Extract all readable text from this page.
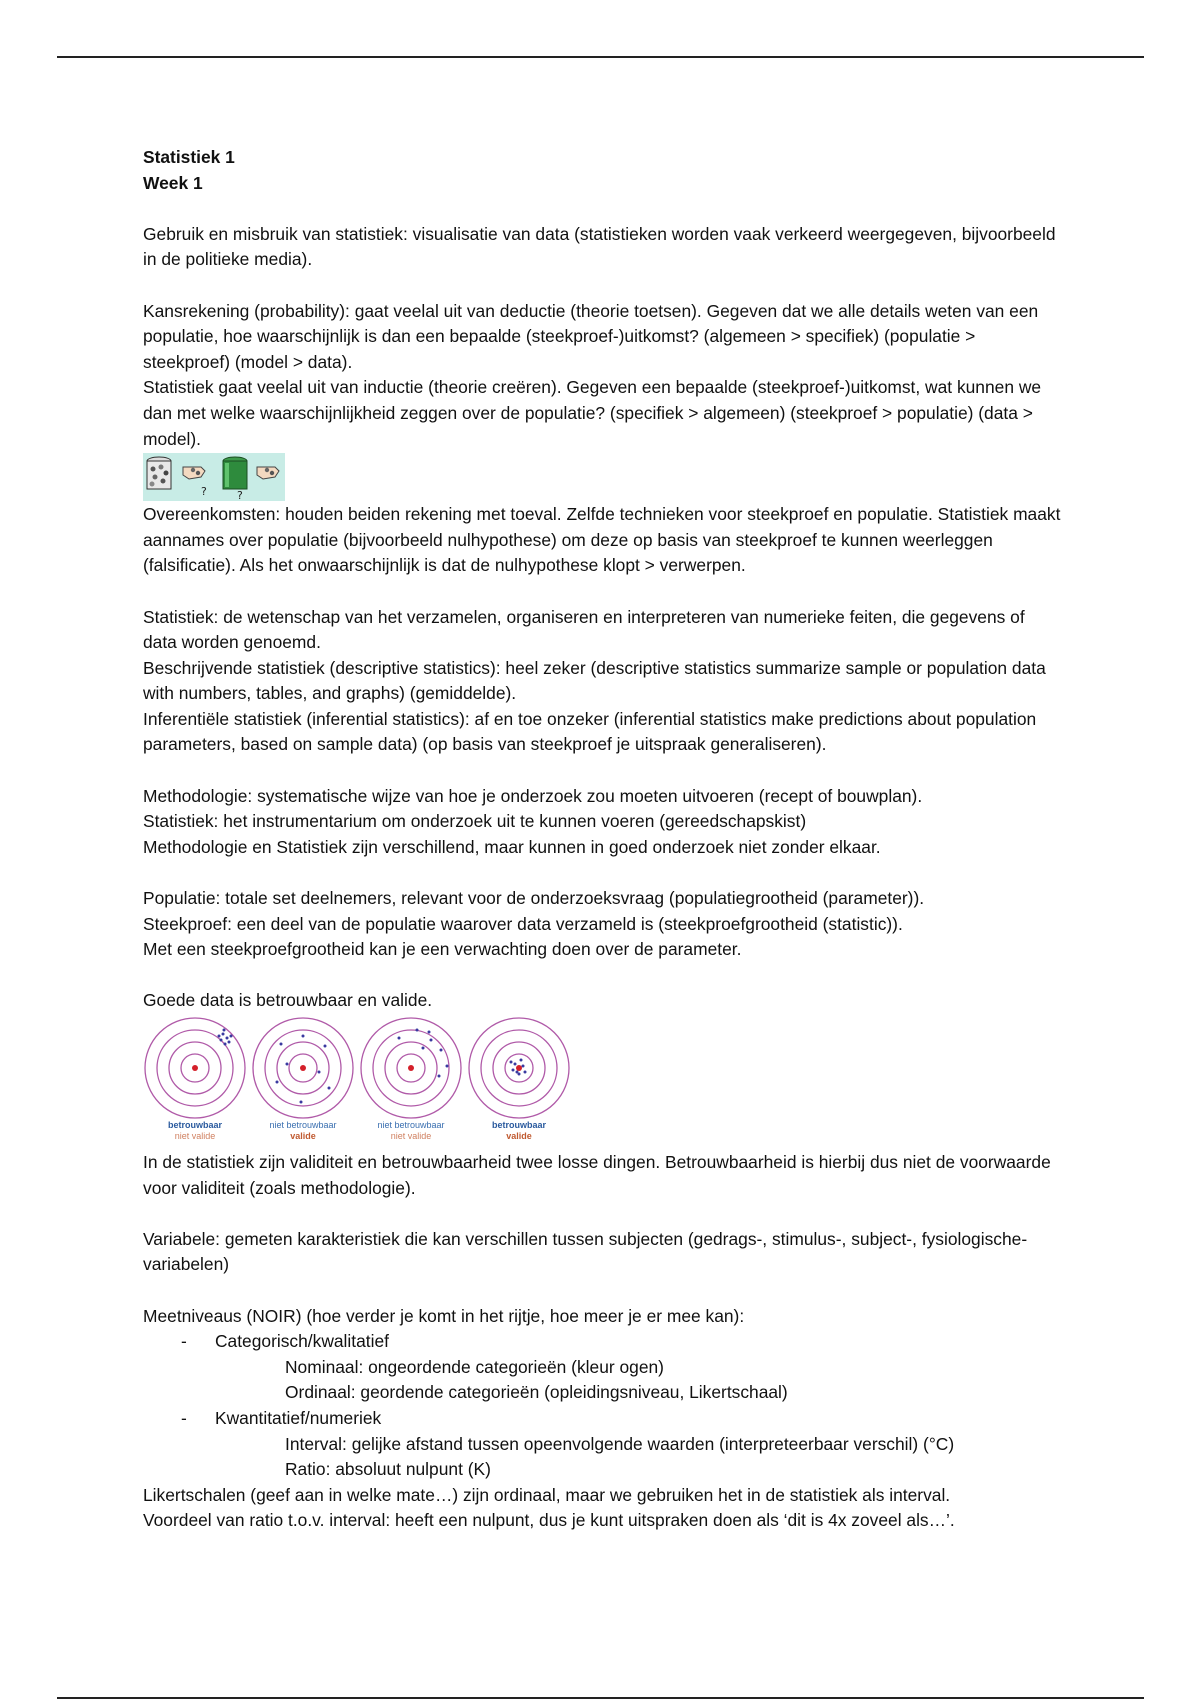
Statistiek 1

Week 1

Gebruik en misbruik van statistiek: visualisatie van data (statistieken worden vaak verkeerd weergegeven, bijvoorbeeld in de politieke media).

Kansrekening (probability): gaat veelal uit van deductie (theorie toetsen). Gegeven dat we alle details weten van een populatie, hoe waarschijnlijk is dan een bepaalde (steekproef-)uitkomst? (algemeen > specifiek) (populatie > steekproef) (model > data).

Statistiek gaat veelal uit van inductie (theorie creëren). Gegeven een bepaalde (steekproef-)uitkomst, wat kunnen we dan met welke waarschijnlijkheid zeggen over de populatie? (specifiek > algemeen) (steekproef > populatie) (data > model).

?	?

Overeenkomsten: houden beiden rekening met toeval. Zelfde technieken voor steekproef en populatie. Statistiek maakt aannames over populatie (bijvoorbeeld nulhypothese) om deze op basis van steekproef te kunnen weerleggen (falsificatie). Als het onwaarschijnlijk is dat de nulhypothese klopt > verwerpen.

Statistiek: de wetenschap van het verzamelen, organiseren en interpreteren van numerieke feiten, die gegevens of data worden genoemd.

Beschrijvende statistiek (descriptive statistics): heel zeker (descriptive statistics summarize sample or population data with numbers, tables, and graphs) (gemiddelde).

Inferentiële statistiek (inferential statistics): af en toe onzeker (inferential statistics make predictions about population parameters, based on sample data) (op basis van steekproef je uitspraak generaliseren).

Methodologie: systematische wijze van hoe je onderzoek zou moeten uitvoeren (recept of bouwplan).

Statistiek: het instrumentarium om onderzoek uit te kunnen voeren (gereedschapskist)

Methodologie en Statistiek zijn verschillend, maar kunnen in goed onderzoek niet zonder elkaar.

Populatie: totale set deelnemers, relevant voor de onderzoeksvraag (populatiegrootheid (parameter)).

Steekproef: een deel van de populatie waarover data verzameld is (steekproefgrootheid (statistic)).

Met een steekproefgrootheid kan je een verwachting doen over de parameter.

Goede data is betrouwbaar en valide.

betrouwbaar
niet valide
niet betrouwbaar
valide
niet betrouwbaar
niet valide
betrouwbaar
valide

In de statistiek zijn validiteit en betrouwbaarheid twee losse dingen. Betrouwbaarheid is hierbij dus niet de voorwaarde voor validiteit (zoals methodologie).

Variabele: gemeten karakteristiek die kan verschillen tussen subjecten (gedrags-, stimulus-, subject-, fysiologische-variabelen)

Meetniveaus (NOIR) (hoe verder je komt in het rijtje, hoe meer je er mee kan):

- Categorisch/kwalitatief

Nominaal: ongeordende categorieën (kleur ogen)

Ordinaal: geordende categorieën (opleidingsniveau, Likertschaal)

- Kwantitatief/numeriek

Interval: gelijke afstand tussen opeenvolgende waarden (interpreteerbaar verschil) (°C)

Ratio: absoluut nulpunt (K)

Likertschalen (geef aan in welke mate…) zijn ordinaal, maar we gebruiken het in de statistiek als interval.

Voordeel van ratio t.o.v. interval: heeft een nulpunt, dus je kunt uitspraken doen als ‘dit is 4x zoveel als…’.
